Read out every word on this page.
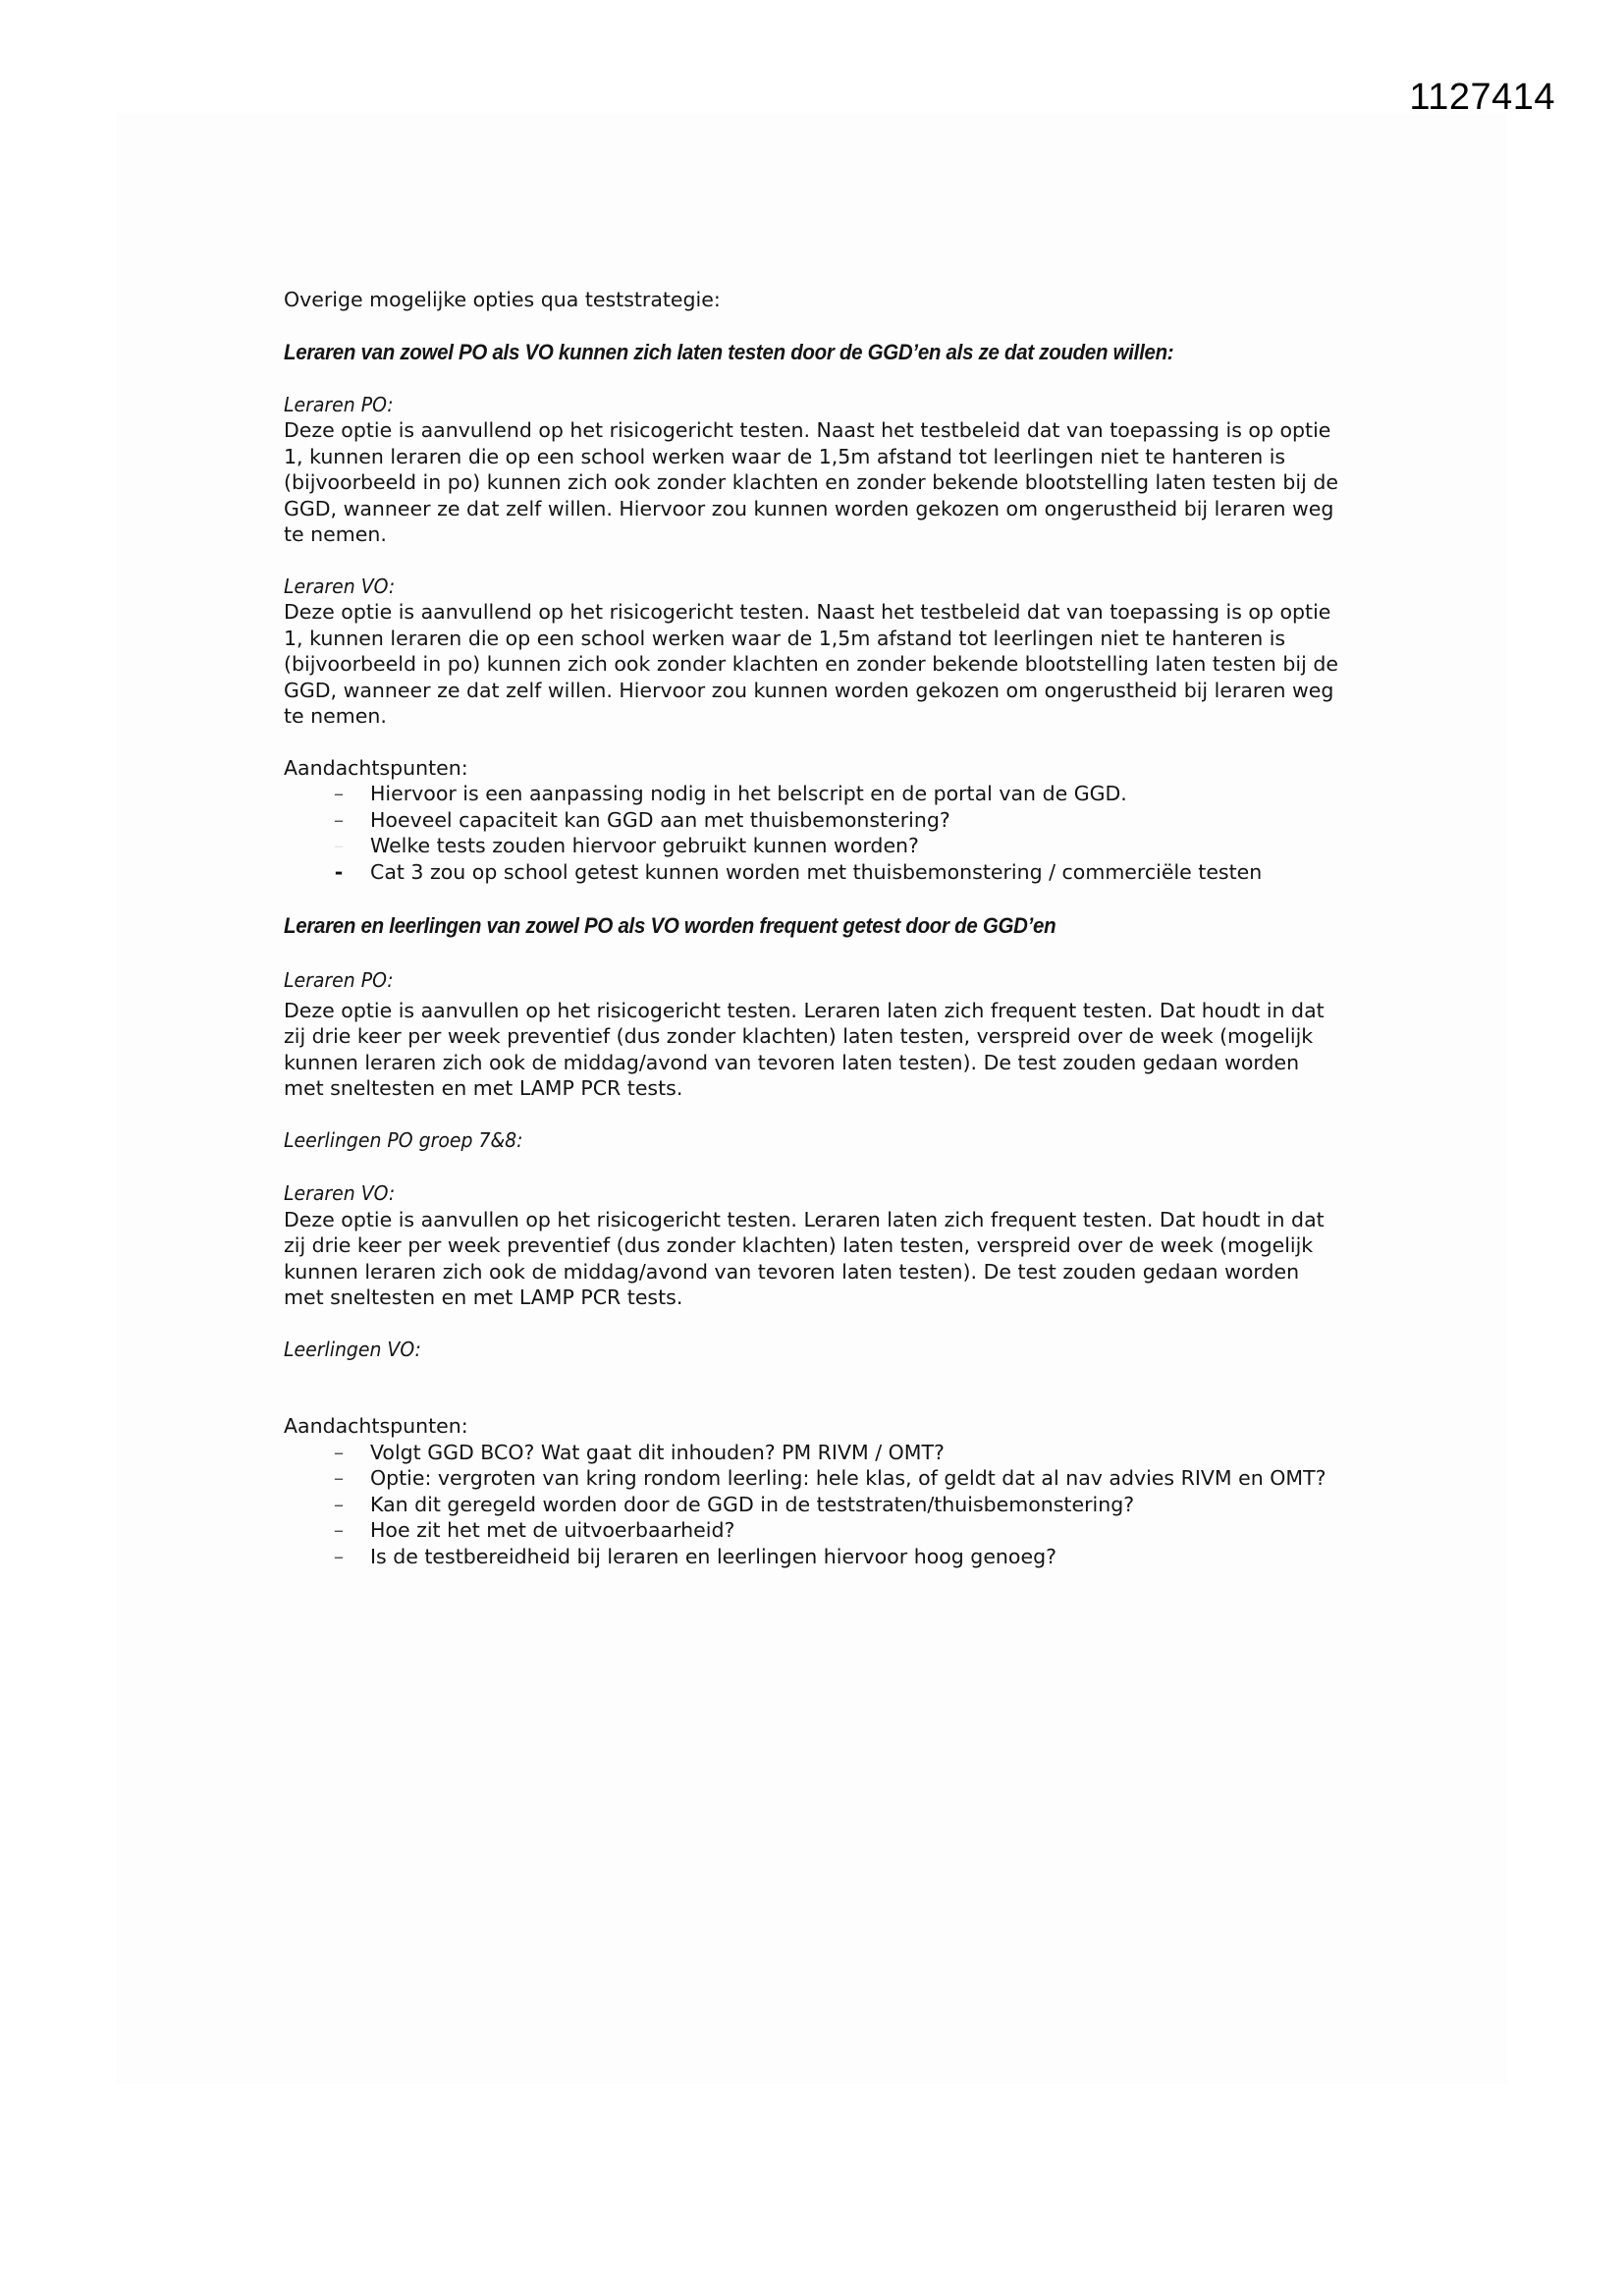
1127414

Overige mogelijke opties qua teststrategie:

Leraren van zowel PO als VO kunnen zich laten testen door de GGD’en als ze dat zouden willen:

Leraren PO:

Deze optie is aanvullend op het risicogericht testen. Naast het testbeleid dat van toepassing is op optie 1, kunnen leraren die op een school werken waar de 1,5m afstand tot leerlingen niet te hanteren is (bijvoorbeeld in po) kunnen zich ook zonder klachten en zonder bekende blootstelling laten testen bij de GGD, wanneer ze dat zelf willen. Hiervoor zou kunnen worden gekozen om ongerustheid bij leraren weg te nemen.

Leraren VO:

Deze optie is aanvullend op het risicogericht testen. Naast het testbeleid dat van toepassing is op optie 1, kunnen leraren die op een school werken waar de 1,5m afstand tot leerlingen niet te hanteren is (bijvoorbeeld in po) kunnen zich ook zonder klachten en zonder bekende blootstelling laten testen bij de GGD, wanneer ze dat zelf willen. Hiervoor zou kunnen worden gekozen om ongerustheid bij leraren weg te nemen.

Aandachtspunten:

– Hiervoor is een aanpassing nodig in het belscript en de portal van de GGD.
– Hoeveel capaciteit kan GGD aan met thuisbemonstering?
– Welke tests zouden hiervoor gebruikt kunnen worden?
- Cat 3 zou op school getest kunnen worden met thuisbemonstering / commerciële testen

Leraren en leerlingen van zowel PO als VO worden frequent getest door de GGD’en

Leraren PO:

Deze optie is aanvullen op het risicogericht testen. Leraren laten zich frequent testen. Dat houdt in dat zij drie keer per week preventief (dus zonder klachten) laten testen, verspreid over de week (mogelijk kunnen leraren zich ook de middag/avond van tevoren laten testen). De test zouden gedaan worden met sneltesten en met LAMP PCR tests.

Leerlingen PO groep 7&8:

Leraren VO:

Deze optie is aanvullen op het risicogericht testen. Leraren laten zich frequent testen. Dat houdt in dat zij drie keer per week preventief (dus zonder klachten) laten testen, verspreid over de week (mogelijk kunnen leraren zich ook de middag/avond van tevoren laten testen). De test zouden gedaan worden met sneltesten en met LAMP PCR tests.

Leerlingen VO:

Aandachtspunten:

– Volgt GGD BCO? Wat gaat dit inhouden? PM RIVM / OMT?
– Optie: vergroten van kring rondom leerling: hele klas, of geldt dat al nav advies RIVM en OMT?
– Kan dit geregeld worden door de GGD in de teststraten/thuisbemonstering?
– Hoe zit het met de uitvoerbaarheid?
– Is de testbereidheid bij leraren en leerlingen hiervoor hoog genoeg?
